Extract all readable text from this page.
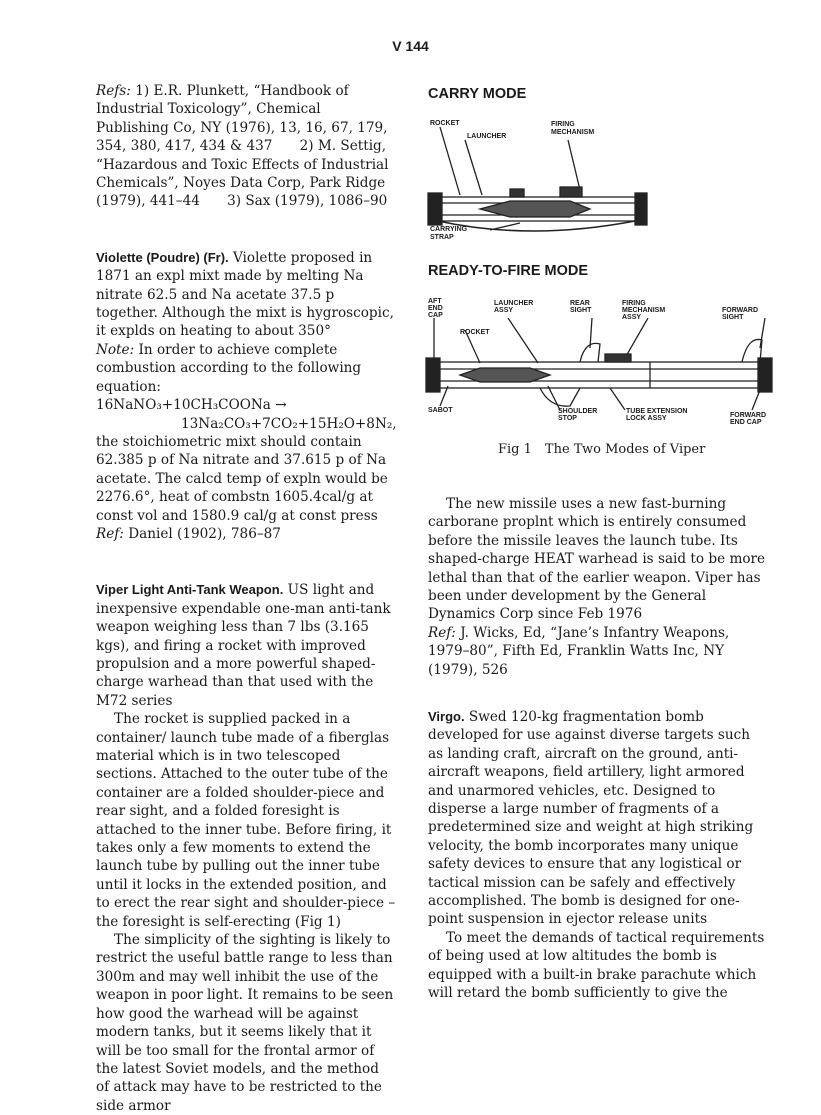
V 144

Refs: 1) E.R. Plunkett, “Handbook of Industrial Toxicology”, Chemical Publishing Co, NY (1976), 13, 16, 67, 179, 354, 380, 417, 434 & 437  2) M. Settig, “Hazardous and Toxic Effects of Industrial Chemicals”, Noyes Data Corp, Park Ridge (1979), 441–44  3) Sax (1979), 1086–90

Violette (Poudre) (Fr). Violette proposed in 1871 an expl mixt made by melting Na nitrate 62.5 and Na acetate 37.5 p together. Although the mixt is hygroscopic, it explds on heating to about 350°

Note: In order to achieve complete combustion according to the following equation:

16NaNO₃+10CH₃COONa →

13Na₂CO₃+7CO₂+15H₂O+8N₂,

the stoichiometric mixt should contain 62.385 p of Na nitrate and 37.615 p of Na acetate. The calcd temp of expln would be 2276.6°, heat of combstn 1605.4cal/g at const vol and 1580.9 cal/g at const press

Ref: Daniel (1902), 786–87

Viper Light Anti-Tank Weapon. US light and inexpensive expendable one-man anti-tank weapon weighing less than 7 lbs (3.165 kgs), and firing a rocket with improved propulsion and a more powerful shaped-charge warhead than that used with the M72 series

The rocket is supplied packed in a container/ launch tube made of a fiberglas material which is in two telescoped sections. Attached to the outer tube of the container are a folded shoulder-piece and rear sight, and a folded foresight is attached to the inner tube. Before firing, it takes only a few moments to extend the launch tube by pulling out the inner tube until it locks in the extended position, and to erect the rear sight and shoulder-piece – the foresight is self-erecting (Fig 1)

The simplicity of the sighting is likely to restrict the useful battle range to less than 300m and may well inhibit the use of the weapon in poor light. It remains to be seen how good the warhead will be against modern tanks, but it seems likely that it will be too small for the frontal armor of the latest Soviet models, and the method of attack may have to be restricted to the side armor

CARRY MODE
ROCKET
LAUNCHER
FIRING
MECHANISM
CARRYING
STRAP
READY-TO-FIRE MODE
AFT
END
CAP
LAUNCHER
ASSY
REAR
SIGHT
FIRING
MECHANISM
ASSY
FORWARD
SIGHT
ROCKET
SABOT	SHOULDER
STOP
TUBE EXTENSION
LOCK ASSY	FORWARD
END CAP
Fig 1 The Two Modes of Viper

The new missile uses a new fast-burning carborane proplnt which is entirely consumed before the missile leaves the launch tube. Its shaped-charge HEAT warhead is said to be more lethal than that of the earlier weapon. Viper has been under development by the General Dynamics Corp since Feb 1976

Ref: J. Wicks, Ed, “Jane’s Infantry Weapons, 1979–80”, Fifth Ed, Franklin Watts Inc, NY (1979), 526

Virgo. Swed 120-kg fragmentation bomb developed for use against diverse targets such as landing craft, aircraft on the ground, anti-aircraft weapons, field artillery, light armored and unarmored vehicles, etc. Designed to disperse a large number of fragments of a predetermined size and weight at high striking velocity, the bomb incorporates many unique safety devices to ensure that any logistical or tactical mission can be safely and effectively accomplished. The bomb is designed for one-point suspension in ejector release units

To meet the demands of tactical requirements of being used at low altitudes the bomb is equipped with a built-in brake parachute which will retard the bomb sufficiently to give the
